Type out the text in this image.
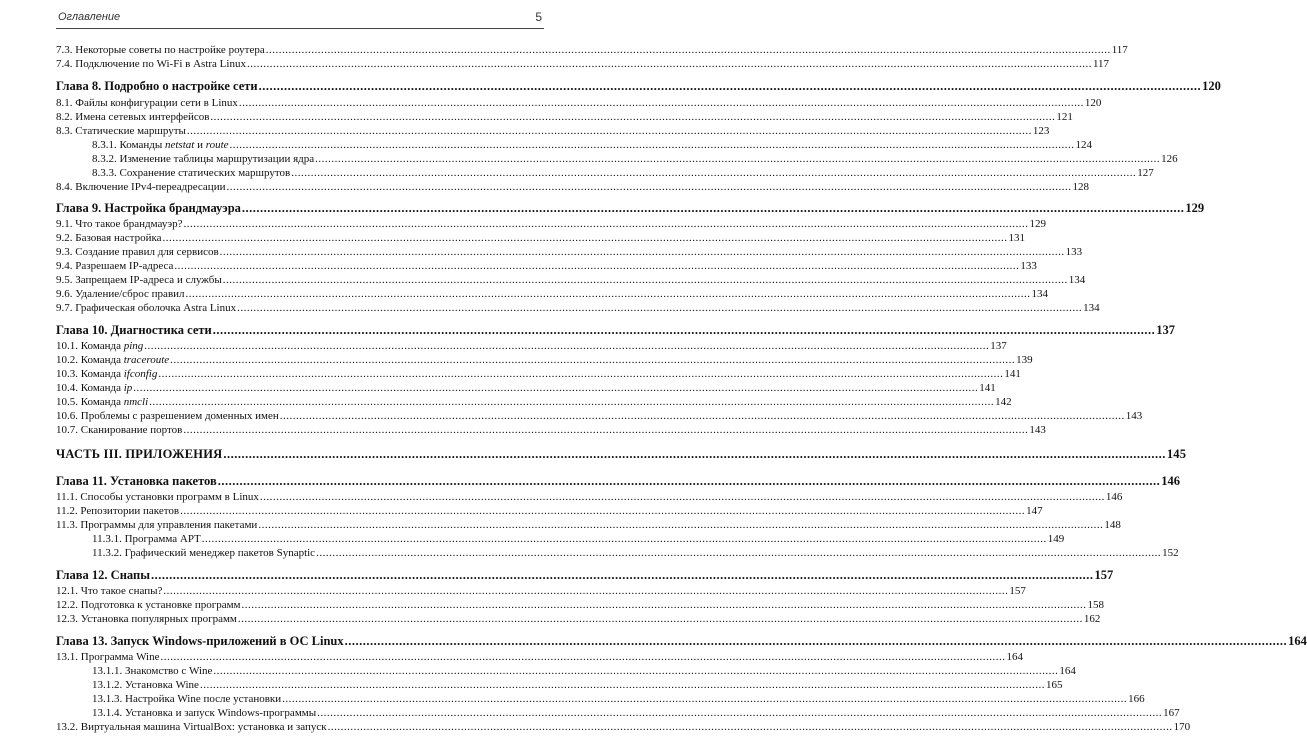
Оглавление	5
7.3. Некоторые советы по настройке роутера .................................................................................................................................................................................................................................................................... 117
7.4. Подключение по Wi-Fi в Astra Linux .................................................................................................................................................................................................................................................................... 117
Глава 8. Подробно о настройке сети .................................................................................................................................................................................................................................................................... 120
8.1. Файлы конфигурации сети в Linux .................................................................................................................................................................................................................................................................... 120
8.2. Имена сетевых интерфейсов .................................................................................................................................................................................................................................................................... 121
8.3. Статические маршруты .................................................................................................................................................................................................................................................................... 123
8.3.1. Команды netstat и route .................................................................................................................................................................................................................................................................... 124
8.3.2. Изменение таблицы маршрутизации ядра .................................................................................................................................................................................................................................................................... 126
8.3.3. Сохранение статических маршрутов .................................................................................................................................................................................................................................................................... 127
8.4. Включение IPv4-переадресации .................................................................................................................................................................................................................................................................... 128
Глава 9. Настройка брандмауэра .................................................................................................................................................................................................................................................................... 129
9.1. Что такое брандмауэр? .................................................................................................................................................................................................................................................................... 129
9.2. Базовая настройка .................................................................................................................................................................................................................................................................... 131
9.3. Создание правил для сервисов .................................................................................................................................................................................................................................................................... 133
9.4. Разрешаем IP-адреса .................................................................................................................................................................................................................................................................... 133
9.5. Запрещаем IP-адреса и службы .................................................................................................................................................................................................................................................................... 134
9.6. Удаление/сброс правил .................................................................................................................................................................................................................................................................... 134
9.7. Графическая оболочка Astra Linux .................................................................................................................................................................................................................................................................... 134
Глава 10. Диагностика сети .................................................................................................................................................................................................................................................................... 137
10.1. Команда ping .................................................................................................................................................................................................................................................................... 137
10.2. Команда traceroute .................................................................................................................................................................................................................................................................... 139
10.3. Команда ifconfig .................................................................................................................................................................................................................................................................... 141
10.4. Команда ip .................................................................................................................................................................................................................................................................... 141
10.5. Команда nmcli .................................................................................................................................................................................................................................................................... 142
10.6. Проблемы с разрешением доменных имен .................................................................................................................................................................................................................................................................... 143
10.7. Сканирование портов .................................................................................................................................................................................................................................................................... 143
ЧАСТЬ III. ПРИЛОЖЕНИЯ .................................................................................................................................................................................................................................................................... 145
Глава 11. Установка пакетов .................................................................................................................................................................................................................................................................... 146
11.1. Способы установки программ в Linux .................................................................................................................................................................................................................................................................... 146
11.2. Репозитории пакетов .................................................................................................................................................................................................................................................................... 147
11.3. Программы для управления пакетами .................................................................................................................................................................................................................................................................... 148
11.3.1. Программа APT .................................................................................................................................................................................................................................................................... 149
11.3.2. Графический менеджер пакетов Synaptic .................................................................................................................................................................................................................................................................... 152
Глава 12. Снапы .................................................................................................................................................................................................................................................................... 157
12.1. Что такое снапы? .................................................................................................................................................................................................................................................................... 157
12.2. Подготовка к установке программ .................................................................................................................................................................................................................................................................... 158
12.3. Установка популярных программ .................................................................................................................................................................................................................................................................... 162
Глава 13. Запуск Windows-приложений в ОС Linux .................................................................................................................................................................................................................................................................... 164
13.1. Программа Wine .................................................................................................................................................................................................................................................................... 164
13.1.1. Знакомство с Wine .................................................................................................................................................................................................................................................................... 164
13.1.2. Установка Wine .................................................................................................................................................................................................................................................................... 165
13.1.3. Настройка Wine после установки .................................................................................................................................................................................................................................................................... 166
13.1.4. Установка и запуск Windows-программы .................................................................................................................................................................................................................................................................... 167
13.2. Виртуальная машина VirtualBox: установка и запуск .................................................................................................................................................................................................................................................................... 170
